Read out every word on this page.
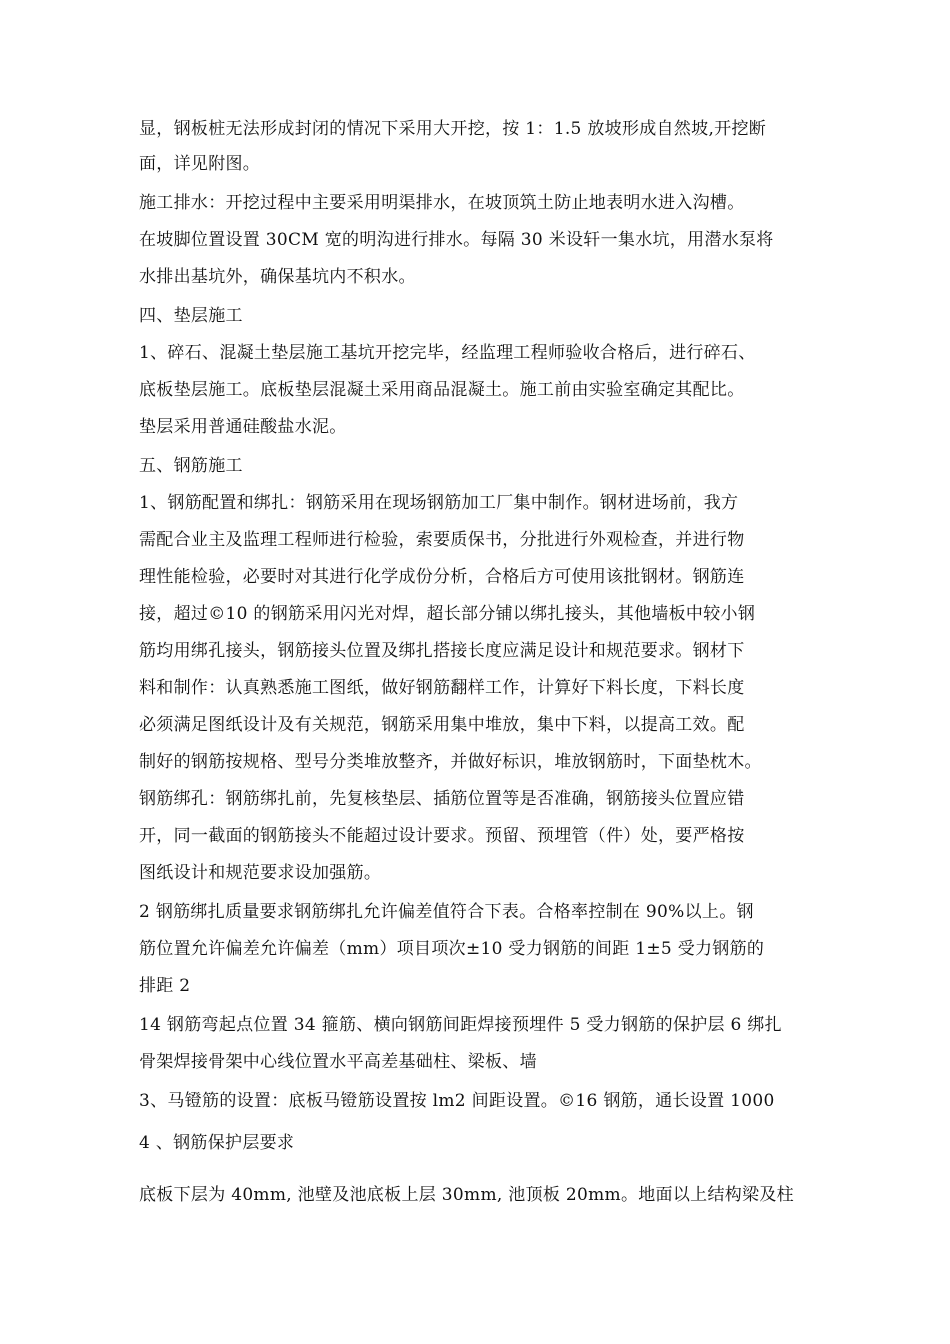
显，钢板桩无法形成封闭的情况下采用大开挖，按 1：1.5 放坡形成自然坡,开挖断
面，详见附图。
施工排水：开挖过程中主要采用明渠排水，在坡顶筑土防止地表明水进入沟槽。
在坡脚位置设置 30CM 宽的明沟进行排水。每隔 30 米设轩一集水坑，用潜水泵将
水排出基坑外，确保基坑内不积水。
四、垫层施工
1、碎石、混凝土垫层施工基坑开挖完毕，经监理工程师验收合格后，进行碎石、
底板垫层施工。底板垫层混凝土采用商品混凝土。施工前由实验室确定其配比。
垫层采用普通硅酸盐水泥。
五、钢筋施工
1、钢筋配置和绑扎：钢筋采用在现场钢筋加工厂集中制作。钢材进场前，我方
需配合业主及监理工程师进行检验，索要质保书，分批进行外观检查，并进行物
理性能检验，必要时对其进行化学成份分析，合格后方可使用该批钢材。钢筋连
接，超过©10 的钢筋采用闪光对焊，超长部分铺以绑扎接头，其他墙板中较小钢
筋均用绑孔接头，钢筋接头位置及绑扎搭接长度应满足设计和规范要求。钢材下
料和制作：认真熟悉施工图纸，做好钢筋翻样工作，计算好下料长度，下料长度
必须满足图纸设计及有关规范，钢筋采用集中堆放，集中下料，以提高工效。配
制好的钢筋按规格、型号分类堆放整齐，并做好标识，堆放钢筋时，下面垫枕木。
钢筋绑孔：钢筋绑扎前，先复核垫层、插筋位置等是否准确，钢筋接头位置应错
开，同一截面的钢筋接头不能超过设计要求。预留、预埋管（件）处，要严格按
图纸设计和规范要求设加强筋。
2 钢筋绑扎质量要求钢筋绑扎允许偏差值符合下表。合格率控制在 90%以上。钢
筋位置允许偏差允许偏差（mm）项目项次±10 受力钢筋的间距 1±5 受力钢筋的
排距 2
14 钢筋弯起点位置 34 箍筋、横向钢筋间距焊接预埋件 5 受力钢筋的保护层 6 绑扎
骨架焊接骨架中心线位置水平高差基础柱、梁板、墙
3、马镫筋的设置：底板马镫筋设置按 lm2 间距设置。©16 钢筋，通长设置 1000
4 、钢筋保护层要求
底板下层为 40mm, 池壁及池底板上层 30mm, 池顶板 20mm。地面以上结构梁及柱
